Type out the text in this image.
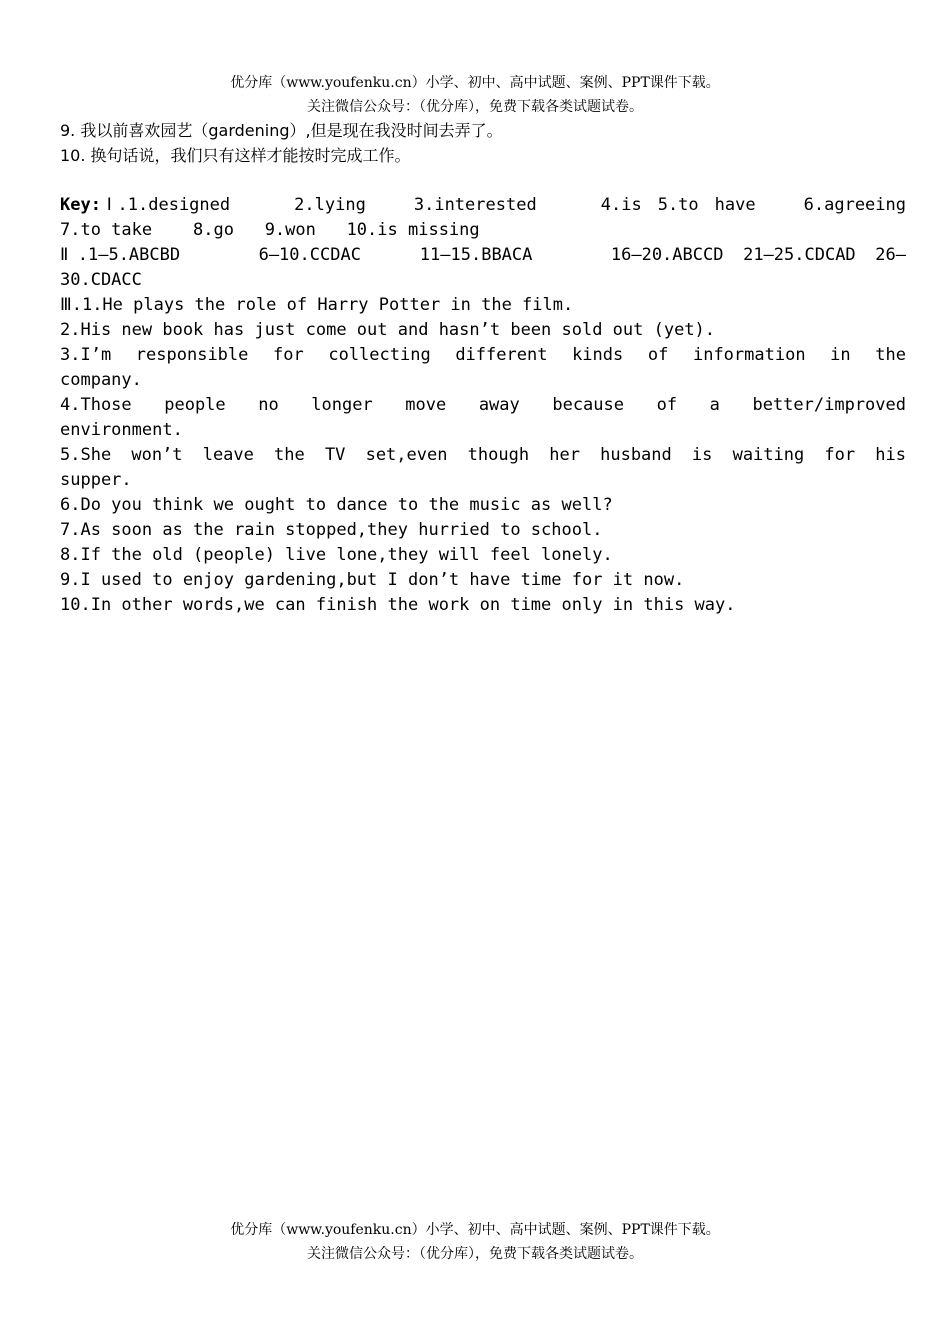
优分库（www.youfenku.cn）小学、初中、高中试题、案例、PPT课件下载。
关注微信公众号：（优分库），免费下载各类试题试卷。
9. 我以前喜欢园艺（gardening）,但是现在我没时间去弄了。
10. 换句话说，我们只有这样才能按时完成工作。
Key:Ⅰ.1.designed    2.lying   3.interested    4.is 5.to have   6.agreeing
7.to take    8.go   9.won   10.is missing
Ⅱ.1—5.ABCBD    6—10.CCDAC   11—15.BBACA    16—20.ABCCD 21—25.CDCAD 26—
30.CDACC
Ⅲ.1.He plays the role of Harry Potter in the film.
2.His new book has just come out and hasn’t been sold out (yet).
3.I’m responsible for collecting different kinds of information in the
company.
4.Those people no longer move away because of a better/improved
environment.
5.She won’t leave the TV set,even though her husband is waiting for his
supper.
6.Do you think we ought to dance to the music as well?
7.As soon as the rain stopped,they hurried to school.
8.If the old (people) live lone,they will feel lonely.
9.I used to enjoy gardening,but I don’t have time for it now.
10.In other words,we can finish the work on time only in this way.
优分库（www.youfenku.cn）小学、初中、高中试题、案例、PPT课件下载。
关注微信公众号：（优分库），免费下载各类试题试卷。
